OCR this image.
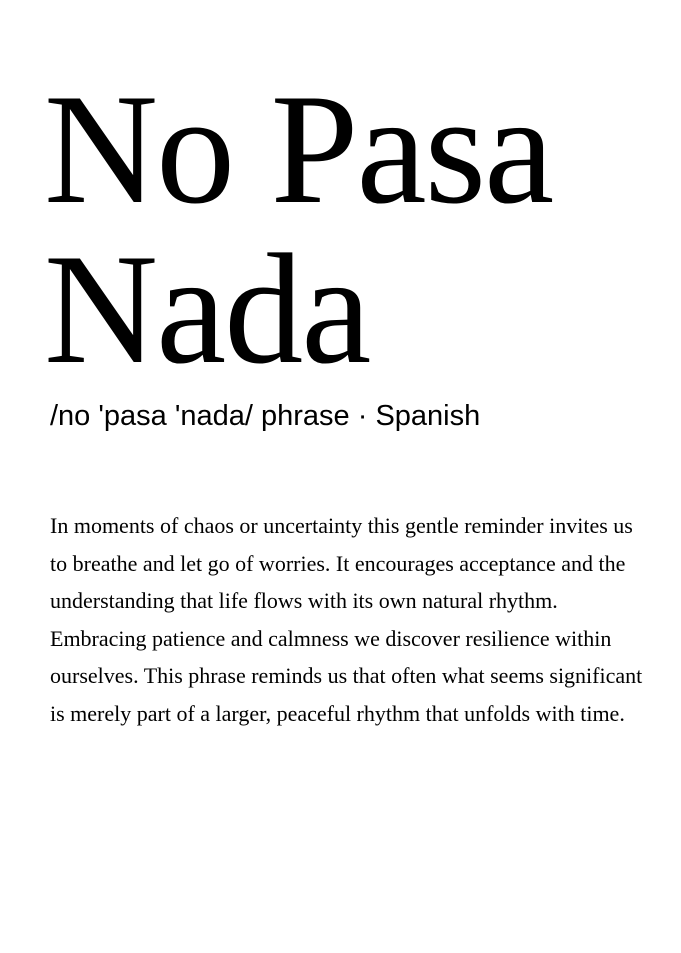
No Pasa
Nada

/no 'pasa 'nada/ phrase · Spanish

In moments of chaos or uncertainty this gentle reminder invites us to breathe and let go of worries. It encourages acceptance and the understanding that life flows with its own natural rhythm. Embracing patience and calmness we discover resilience within ourselves. This phrase reminds us that often what seems significant is merely part of a larger, peaceful rhythm that unfolds with time.
